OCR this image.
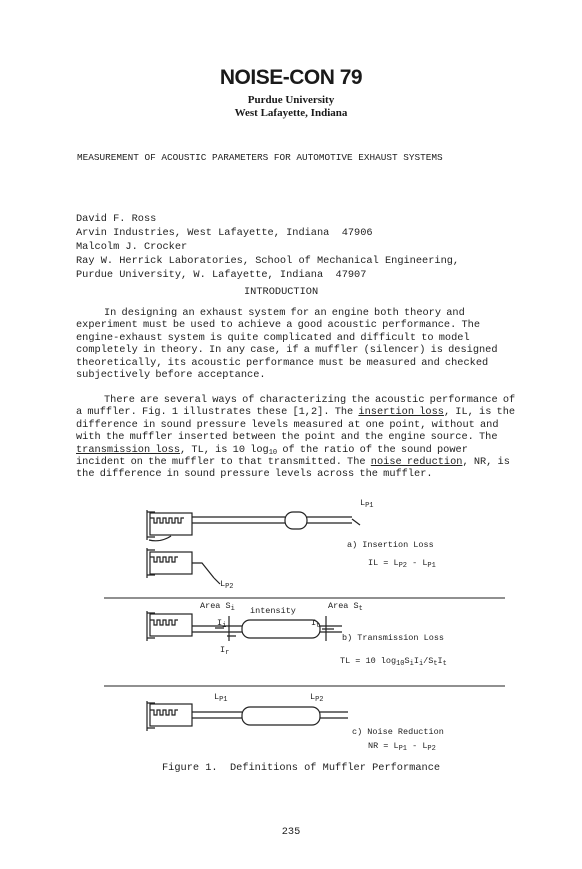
NOISE-CON 79
Purdue University
West Lafayette, Indiana
MEASUREMENT OF ACOUSTIC PARAMETERS FOR AUTOMOTIVE EXHAUST SYSTEMS
David F. Ross
Arvin Industries, West Lafayette, Indiana  47906
Malcolm J. Crocker
Ray W. Herrick Laboratories, School of Mechanical Engineering,
Purdue University, W. Lafayette, Indiana  47907
INTRODUCTION
In designing an exhaust system for an engine both theory and experiment must be used to achieve a good acoustic performance. The engine-exhaust system is quite complicated and difficult to model completely in theory. In any case, if a muffler (silencer) is designed theoretically, its acoustic performance must be measured and checked subjectively before acceptance.
There are several ways of characterizing the acoustic performance of a muffler. Fig. 1 illustrates these [1,2]. The insertion loss, IL, is the difference in sound pressure levels measured at one point, without and with the muffler inserted between the point and the engine source. The transmission loss, TL, is 10 $\log_{10}$ of the ratio of the sound power incident on the muffler to that transmitted. The noise reduction, NR, is the difference in sound pressure levels across the muffler.
$L_{P1}$
a) Insertion Loss
IL = $L_{P2} - L_{P1}$
$L_{P2}$
Area $S_i$ intensity	Area $S_t$
$I_i$	$I_t$
$I_r$
b) Transmission Loss
TL = 10 $\log_{10}S_iI_i/S_tI_t$
$L_{P1}$	$L_{P2}$
c) Noise Reduction
NR = $L_{P1} - L_{P2}$
Figure 1.  Definitions of Muffler Performance
235
